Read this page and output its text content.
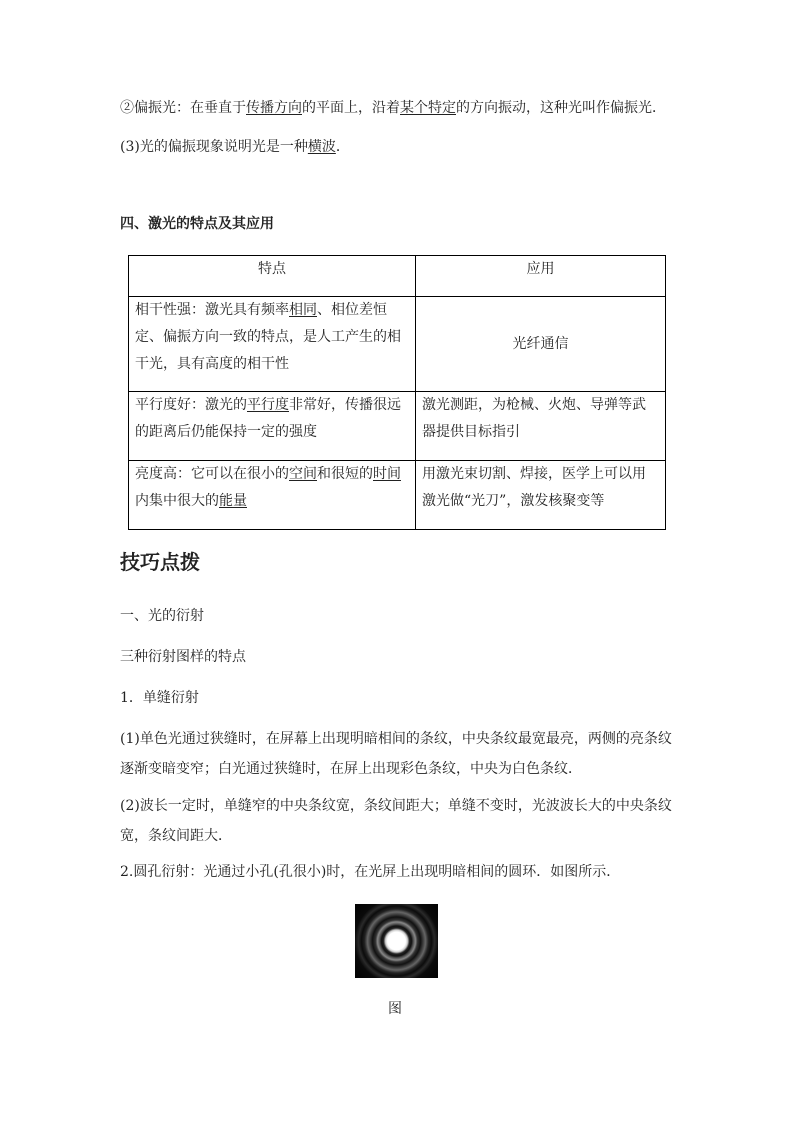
②偏振光：在垂直于传播方向的平面上，沿着某个特定的方向振动，这种光叫作偏振光．
(3)光的偏振现象说明光是一种横波．
四、激光的特点及其应用
特点	应用
相干性强：激光具有频率相同、相位差恒定、偏振方向一致的特点，是人工产生的相干光，具有高度的相干性	光纤通信
平行度好：激光的平行度非常好，传播很远的距离后仍能保持一定的强度	激光测距，为枪械、火炮、导弹等武器提供目标指引
亮度高：它可以在很小的空间和很短的时间内集中很大的能量	用激光束切割、焊接，医学上可以用激光做“光刀”，激发核聚变等
技巧点拨
一、光的衍射
三种衍射图样的特点
1．单缝衍射
(1)单色光通过狭缝时，在屏幕上出现明暗相间的条纹，中央条纹最宽最亮，两侧的亮条纹逐渐变暗变窄；白光通过狭缝时，在屏上出现彩色条纹，中央为白色条纹．
(2)波长一定时，单缝窄的中央条纹宽，条纹间距大；单缝不变时，光波波长大的中央条纹宽，条纹间距大．
2.圆孔衍射：光通过小孔(孔很小)时，在光屏上出现明暗相间的圆环．如图所示．
图
